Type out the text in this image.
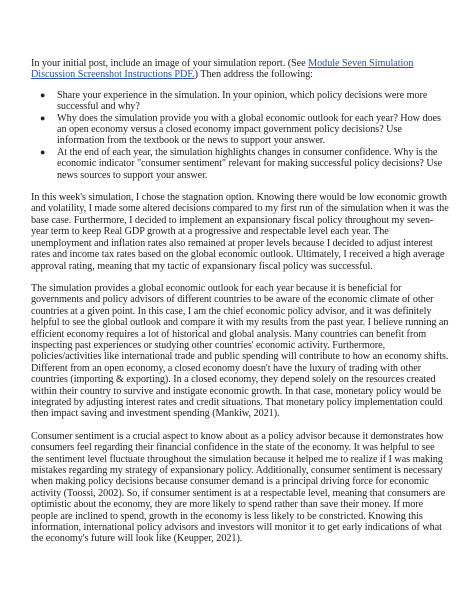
In your initial post, include an image of your simulation report. (See Module Seven Simulation Discussion Screenshot Instructions PDF.) Then address the following:

● Share your experience in the simulation. In your opinion, which policy decisions were more successful and why?
● Why does the simulation provide you with a global economic outlook for each year? How does an open economy versus a closed economy impact government policy decisions? Use information from the textbook or the news to support your answer.
● At the end of each year, the simulation highlights changes in consumer confidence. Why is the economic indicator "consumer sentiment" relevant for making successful policy decisions? Use news sources to support your answer.

In this week's simulation, I chose the stagnation option. Knowing there would be low economic growth and volatility, I made some altered decisions compared to my first run of the simulation when it was the base case. Furthermore, I decided to implement an expansionary fiscal policy throughout my seven-year term to keep Real GDP growth at a progressive and respectable level each year. The unemployment and inflation rates also remained at proper levels because I decided to adjust interest rates and income tax rates based on the global economic outlook. Ultimately, I received a high average approval rating, meaning that my tactic of expansionary fiscal policy was successful.

The simulation provides a global economic outlook for each year because it is beneficial for governments and policy advisors of different countries to be aware of the economic climate of other countries at a given point. In this case, I am the chief economic policy advisor, and it was definitely helpful to see the global outlook and compare it with my results from the past year. I believe running an efficient economy requires a lot of historical and global analysis. Many countries can benefit from inspecting past experiences or studying other countries' economic activity. Furthermore, policies/activities like international trade and public spending will contribute to how an economy shifts. Different from an open economy, a closed economy doesn't have the luxury of trading with other countries (importing & exporting). In a closed economy, they depend solely on the resources created within their country to survive and instigate economic growth. In that case, monetary policy would be integrated by adjusting interest rates and credit situations. That monetary policy implementation could then impact saving and investment spending (Mankiw, 2021).

Consumer sentiment is a crucial aspect to know about as a policy advisor because it demonstrates how consumers feel regarding their financial confidence in the state of the economy. It was helpful to see the sentiment level fluctuate throughout the simulation because it helped me to realize if I was making mistakes regarding my strategy of expansionary policy. Additionally, consumer sentiment is necessary when making policy decisions because consumer demand is a principal driving force for economic activity (Toossi, 2002). So, if consumer sentiment is at a respectable level, meaning that consumers are optimistic about the economy, they are more likely to spend rather than save their money. If more people are inclined to spend, growth in the economy is less likely to be constricted. Knowing this information, international policy advisors and investors will monitor it to get early indications of what the economy's future will look like (Keupper, 2021).
